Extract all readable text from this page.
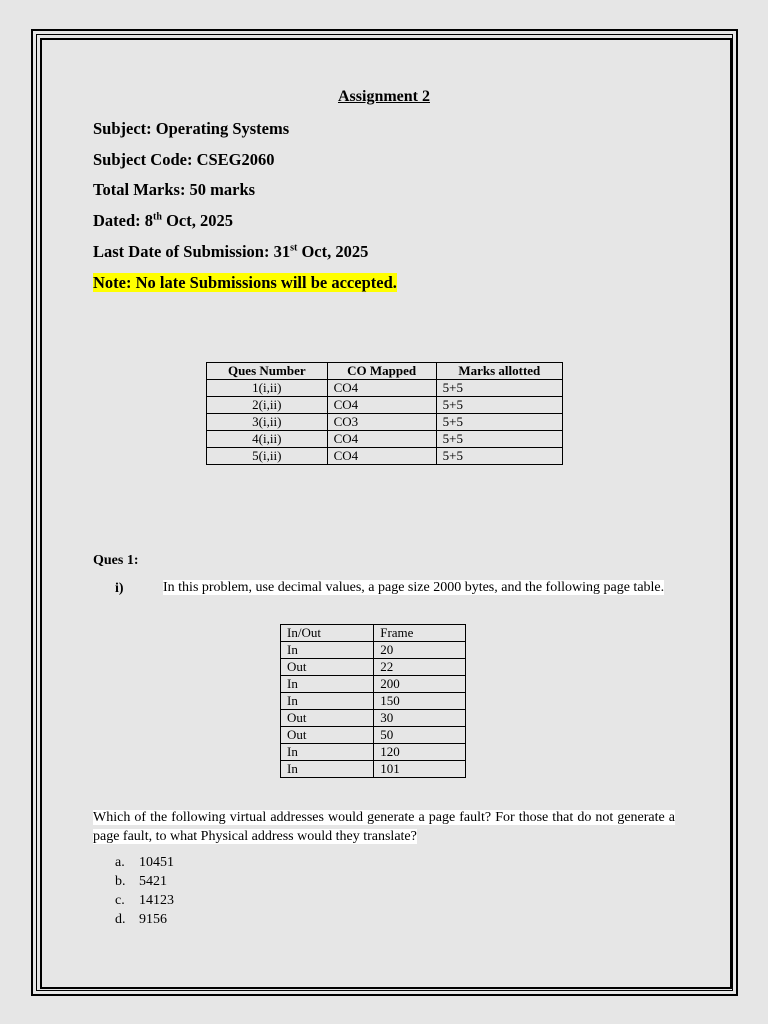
Assignment 2
Subject: Operating Systems
Subject Code: CSEG2060
Total Marks: 50 marks
Dated: 8th Oct, 2025
Last Date of Submission: 31st Oct, 2025
Note: No late Submissions will be accepted.
Ques Number	CO Mapped	Marks allotted
1(i,ii)	CO4	5+5
2(i,ii)	CO4	5+5
3(i,ii)	CO3	5+5
4(i,ii)	CO4	5+5
5(i,ii)	CO4	5+5
Ques 1:
i)	In this problem, use decimal values, a page size 2000 bytes, and the following page table.
In/Out	Frame
In	20
Out	22
In	200
In	150
Out	30
Out	50
In	120
In	101
Which of the following virtual addresses would generate a page fault? For those that do not generate a page fault, to what Physical address would they translate?
a. 10451
b. 5421
c. 14123
d. 9156
